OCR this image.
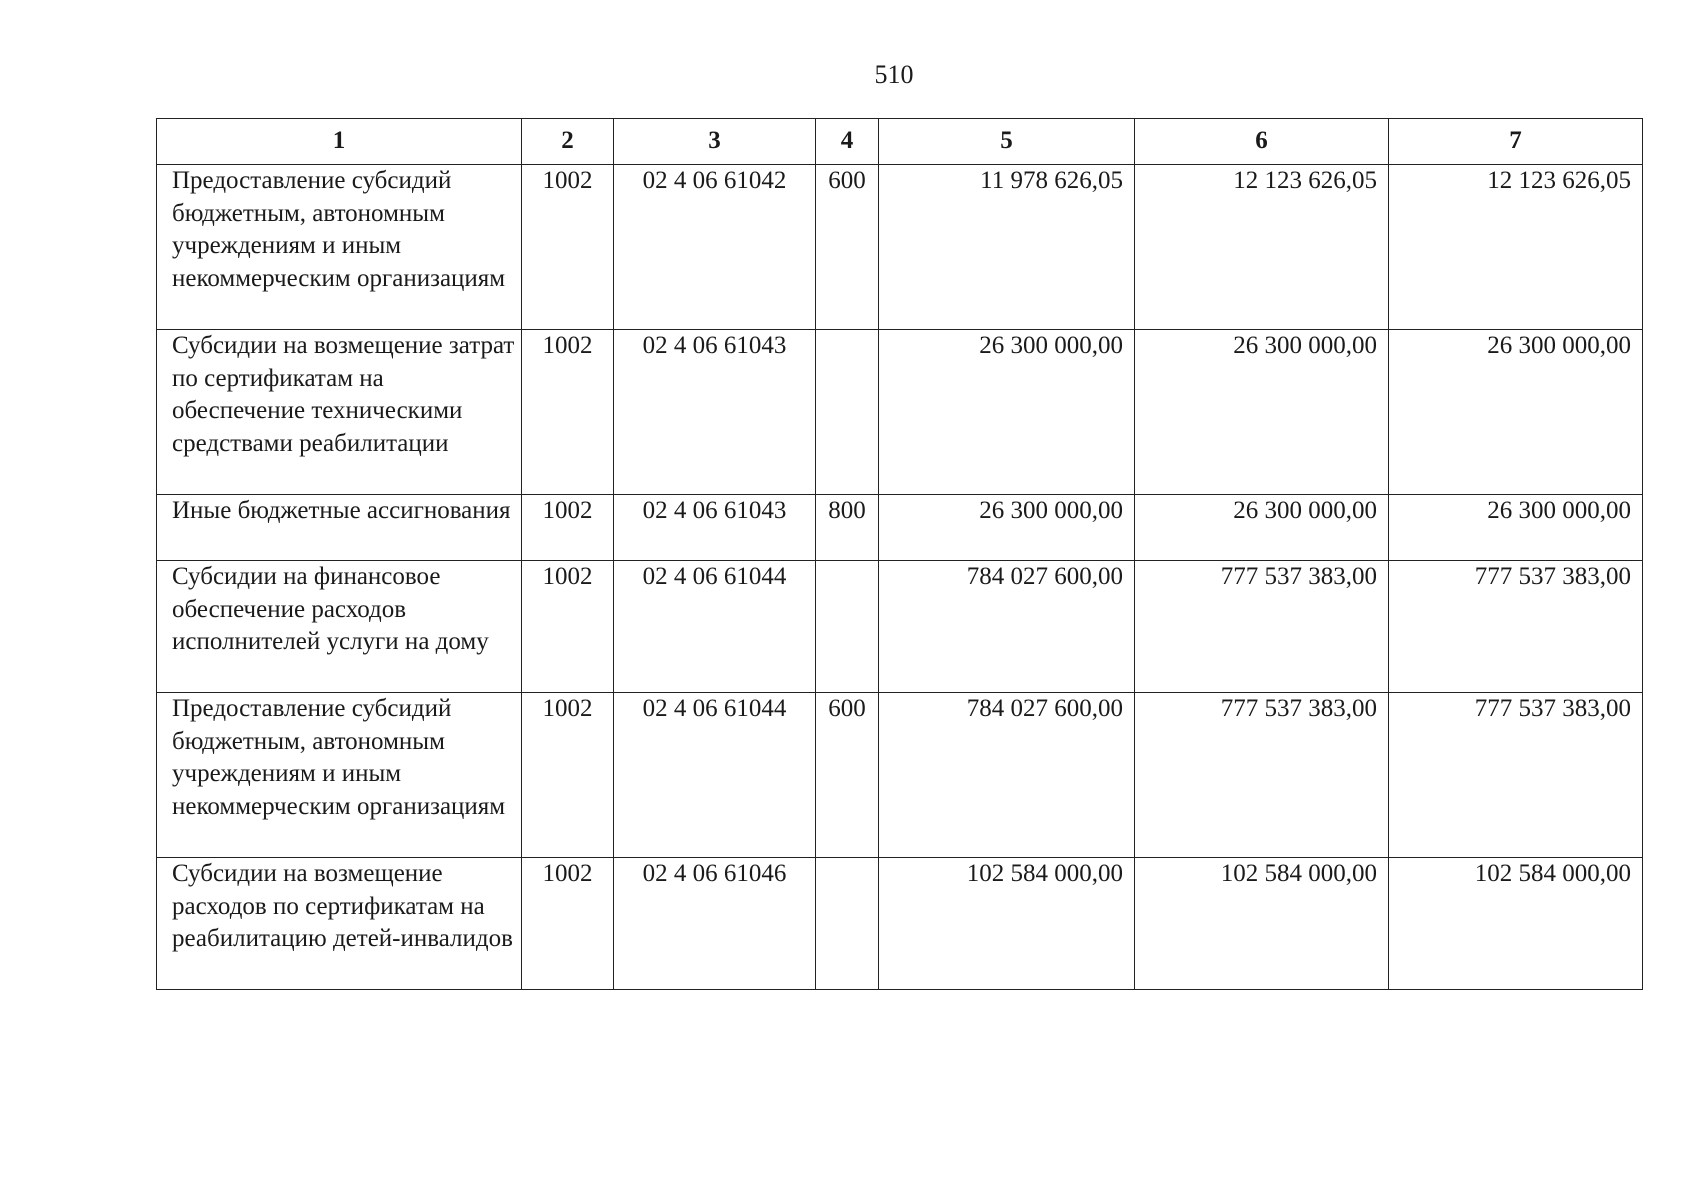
510
1	2	3	4	5	6	7
Предоставление субсидий бюджетным, автономным учреждениям и иным некоммерческим организациям	1002	02 4 06 61042	600	11 978 626,05	12 123 626,05	12 123 626,05
Субсидии на возмещение затрат по сертификатам на обеспечение техническими средствами реабилитации	1002	02 4 06 61043		26 300 000,00	26 300 000,00	26 300 000,00
Иные бюджетные ассигнования	1002	02 4 06 61043	800	26 300 000,00	26 300 000,00	26 300 000,00
Субсидии на финансовое обеспечение расходов исполнителей услуги на дому	1002	02 4 06 61044		784 027 600,00	777 537 383,00	777 537 383,00
Предоставление субсидий бюджетным, автономным учреждениям и иным некоммерческим организациям	1002	02 4 06 61044	600	784 027 600,00	777 537 383,00	777 537 383,00
Субсидии на возмещение расходов по сертификатам на реабилитацию детей-инвалидов	1002	02 4 06 61046		102 584 000,00	102 584 000,00	102 584 000,00
